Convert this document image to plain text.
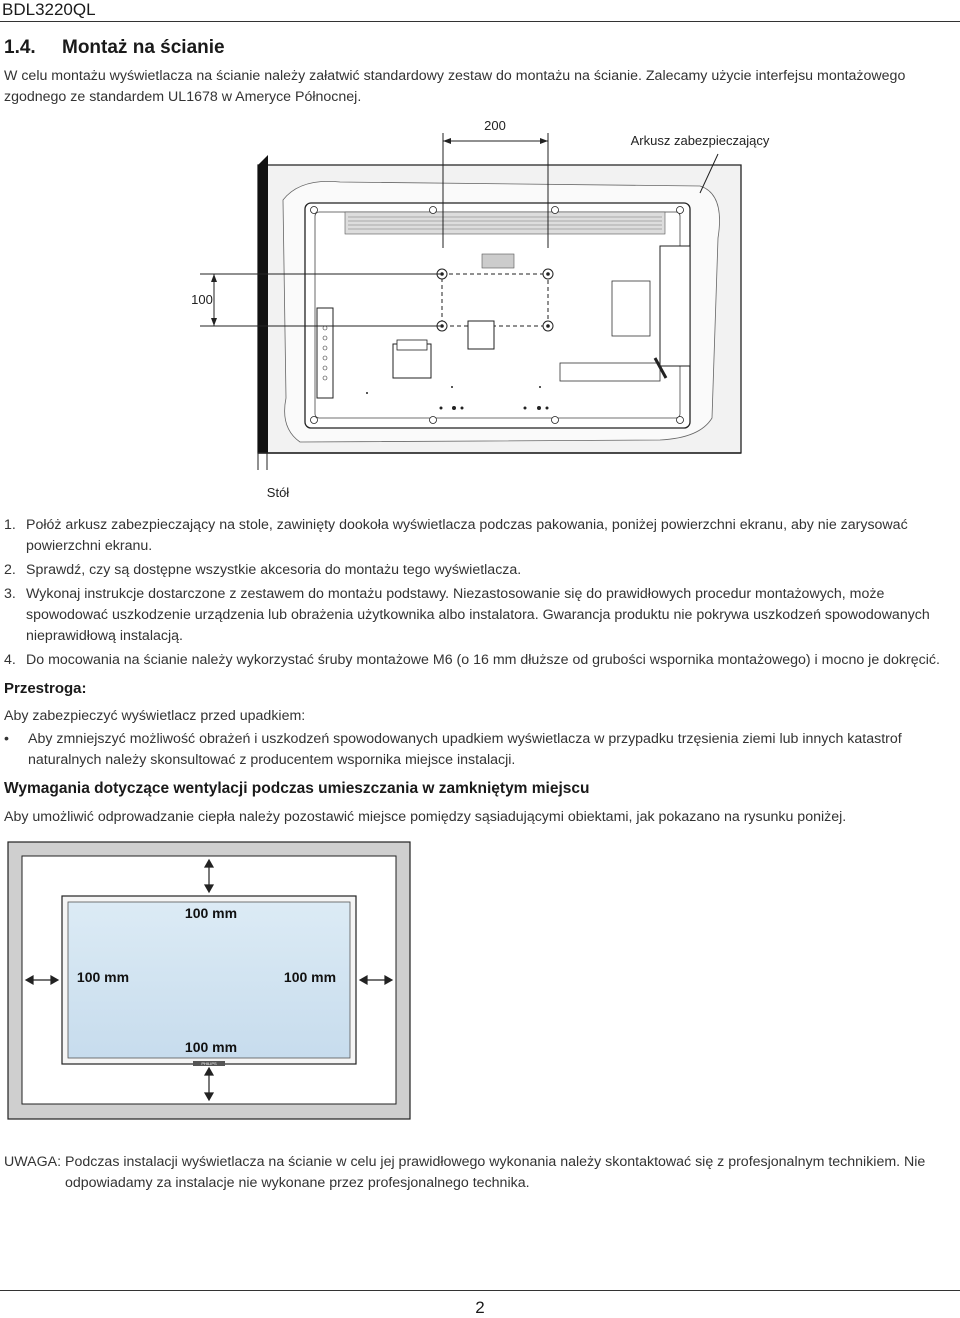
BDL3220QL
1.4. Montaż na ścianie
W celu montażu wyświetlacza na ścianie należy załatwić standardowy zestaw do montażu na ścianie. Zalecamy użycie interfejsu montażowego zgodnego ze standardem UL1678 w Ameryce Północnej.
200
100
Arkusz zabezpieczający
Stół
1. Połóż arkusz zabezpieczający na stole, zawinięty dookoła wyświetlacza podczas pakowania, poniżej powierzchni ekranu, aby nie zarysować powierzchni ekranu.
2. Sprawdź, czy są dostępne wszystkie akcesoria do montażu tego wyświetlacza.
3. Wykonaj instrukcje dostarczone z zestawem do montażu podstawy. Niezastosowanie się do prawidłowych procedur montażowych, może spowodować uszkodzenie urządzenia lub obrażenia użytkownika albo instalatora. Gwarancja produktu nie pokrywa uszkodzeń spowodowanych nieprawidłową instalacją.
4. Do mocowania na ścianie należy wykorzystać śruby montażowe M6 (o 16 mm dłuższe od grubości wspornika montażowego) i mocno je dokręcić.
Przestroga:
Aby zabezpieczyć wyświetlacz przed upadkiem:
• Aby zmniejszyć możliwość obrażeń i uszkodzeń spowodowanych upadkiem wyświetlacza w przypadku trzęsienia ziemi lub innych katastrof naturalnych należy skonsultować z producentem wspornika miejsce instalacji.
Wymagania dotyczące wentylacji podczas umieszczania w zamkniętym miejscu
Aby umożliwić odprowadzanie ciepła należy pozostawić miejsce pomiędzy sąsiadującymi obiektami, jak pokazano na rysunku poniżej.
PHILIPS
100 mm
100 mm	100 mm
100 mm
UWAGA: Podczas instalacji wyświetlacza na ścianie w celu jej prawidłowego wykonania należy skontaktować się z profesjonalnym technikiem. Nie odpowiadamy za instalacje nie wykonane przez profesjonalnego technika.
2
